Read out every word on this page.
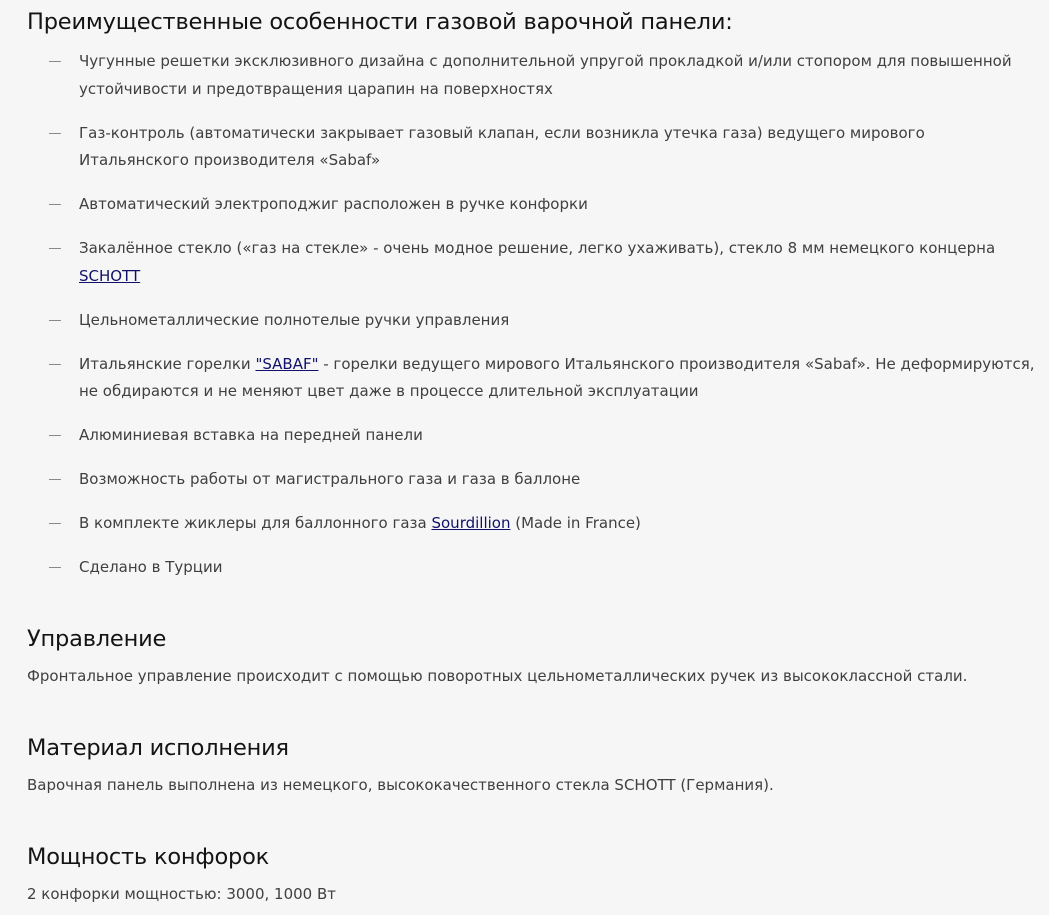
Преимущественные особенности газовой варочной панели:
Чугунные решетки эксклюзивного дизайна с дополнительной упругой прокладкой и/или стопором для повышенной устойчивости и предотвращения царапин на поверхностях
Газ-контроль (автоматически закрывает газовый клапан, если возникла утечка газа) ведущего мирового Итальянского производителя «Sabaf»
Автоматический электроподжиг расположен в ручке конфорки
Закалённое стекло («газ на стекле» - очень модное решение, легко ухаживать), стекло 8 мм немецкого концерна SCHOTT
Цельнометаллические полнотелые ручки управления
Итальянские горелки "SABAF" - горелки ведущего мирового Итальянского производителя «Sabaf». Не деформируются, не обдираются и не меняют цвет даже в процессе длительной эксплуатации
Алюминиевая вставка на передней панели
Возможность работы от магистрального газа и газа в баллоне
В комплекте жиклеры для баллонного газа Sourdillion (Made in France)
Сделано в Турции
Управление

Фронтальное управление происходит с помощью поворотных цельнометаллических ручек из высококлассной стали.

Материал исполнения

Варочная панель выполнена из немецкого, высококачественного стекла SCHOTT (Германия).

Мощность конфорок

2 конфорки мощностью: 3000, 1000 Вт
